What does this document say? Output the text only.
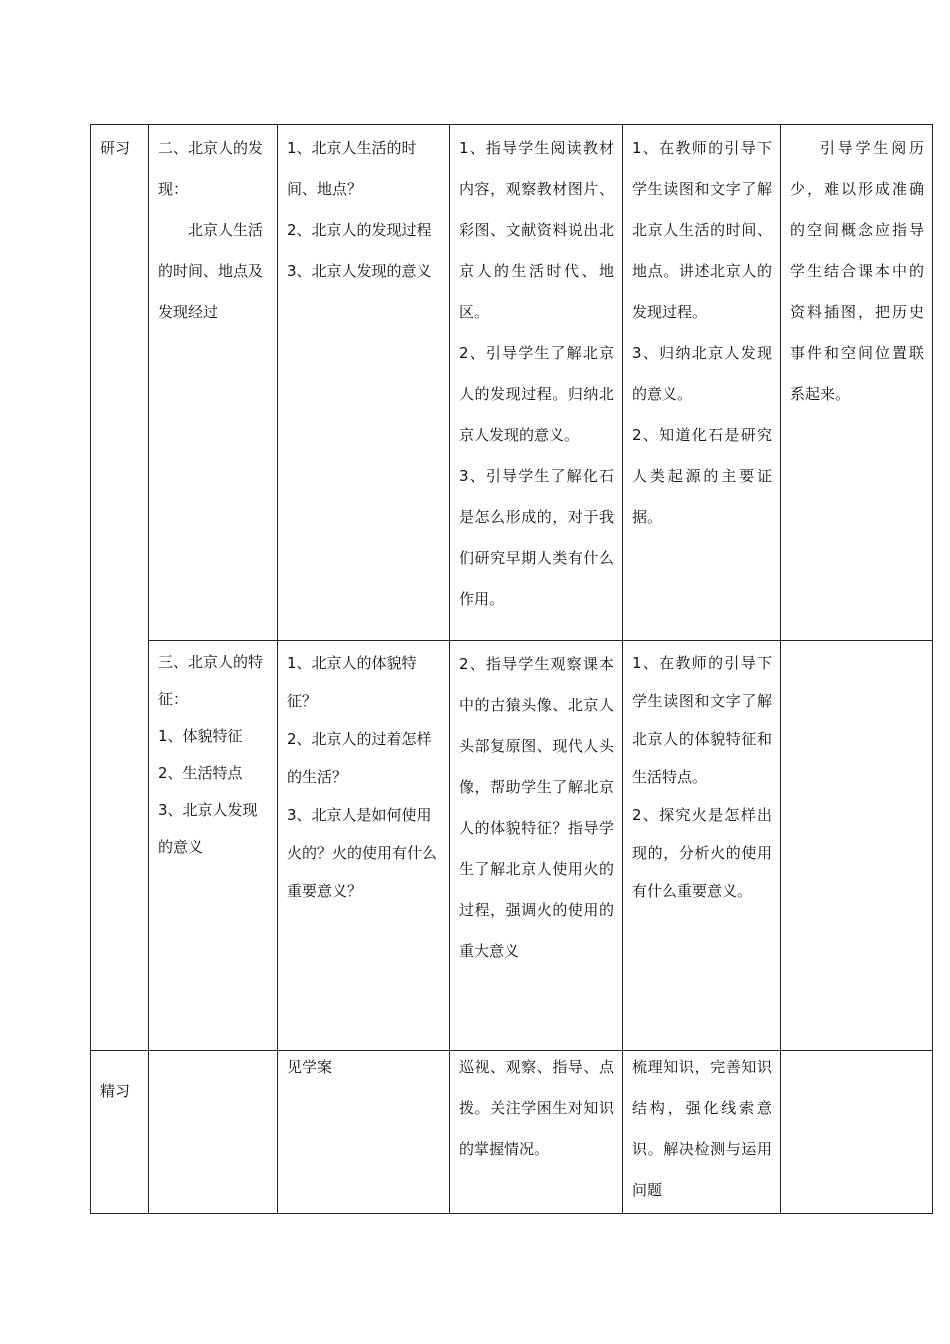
研习	二、北京人的发现：
北京人生活的时间、地点及发现经过	1、北京人生活的时间、地点？
2、北京人的发现过程
3、北京人发现的意义	1、指导学生阅读教材内容，观察教材图片、彩图、文献资料说出北京人的生活时代、地区。
2、引导学生了解北京人的发现过程。归纳北京人发现的意义。
3、引导学生了解化石是怎么形成的，对于我们研究早期人类有什么作用。	1、在教师的引导下学生读图和文字了解北京人生活的时间、地点。讲述北京人的发现过程。
3、归纳北京人发现的意义。
2、知道化石是研究人类起源的主要证据。	引导学生阅历少，难以形成准确的空间概念应指导学生结合课本中的资料插图，把历史事件和空间位置联系起来。

	三、北京人的特征：
1、体貌特征
2、生活特点
3、北京人发现的意义	1、北京人的体貌特征？
2、北京人的过着怎样的生活？
3、北京人是如何使用火的？火的使用有什么重要意义？	2、指导学生观察课本中的古猿头像、北京人头部复原图、现代人头像，帮助学生了解北京人的体貌特征？指导学生了解北京人使用火的过程，强调火的使用的重大意义	1、在教师的引导下学生读图和文字了解北京人的体貌特征和生活特点。
2、探究火是怎样出现的，分析火的使用有什么重要意义。	

精习		见学案	巡视、观察、指导、点拨。关注学困生对知识的掌握情况。	梳理知识，完善知识结构，强化线索意识。解决检测与运用问题	
